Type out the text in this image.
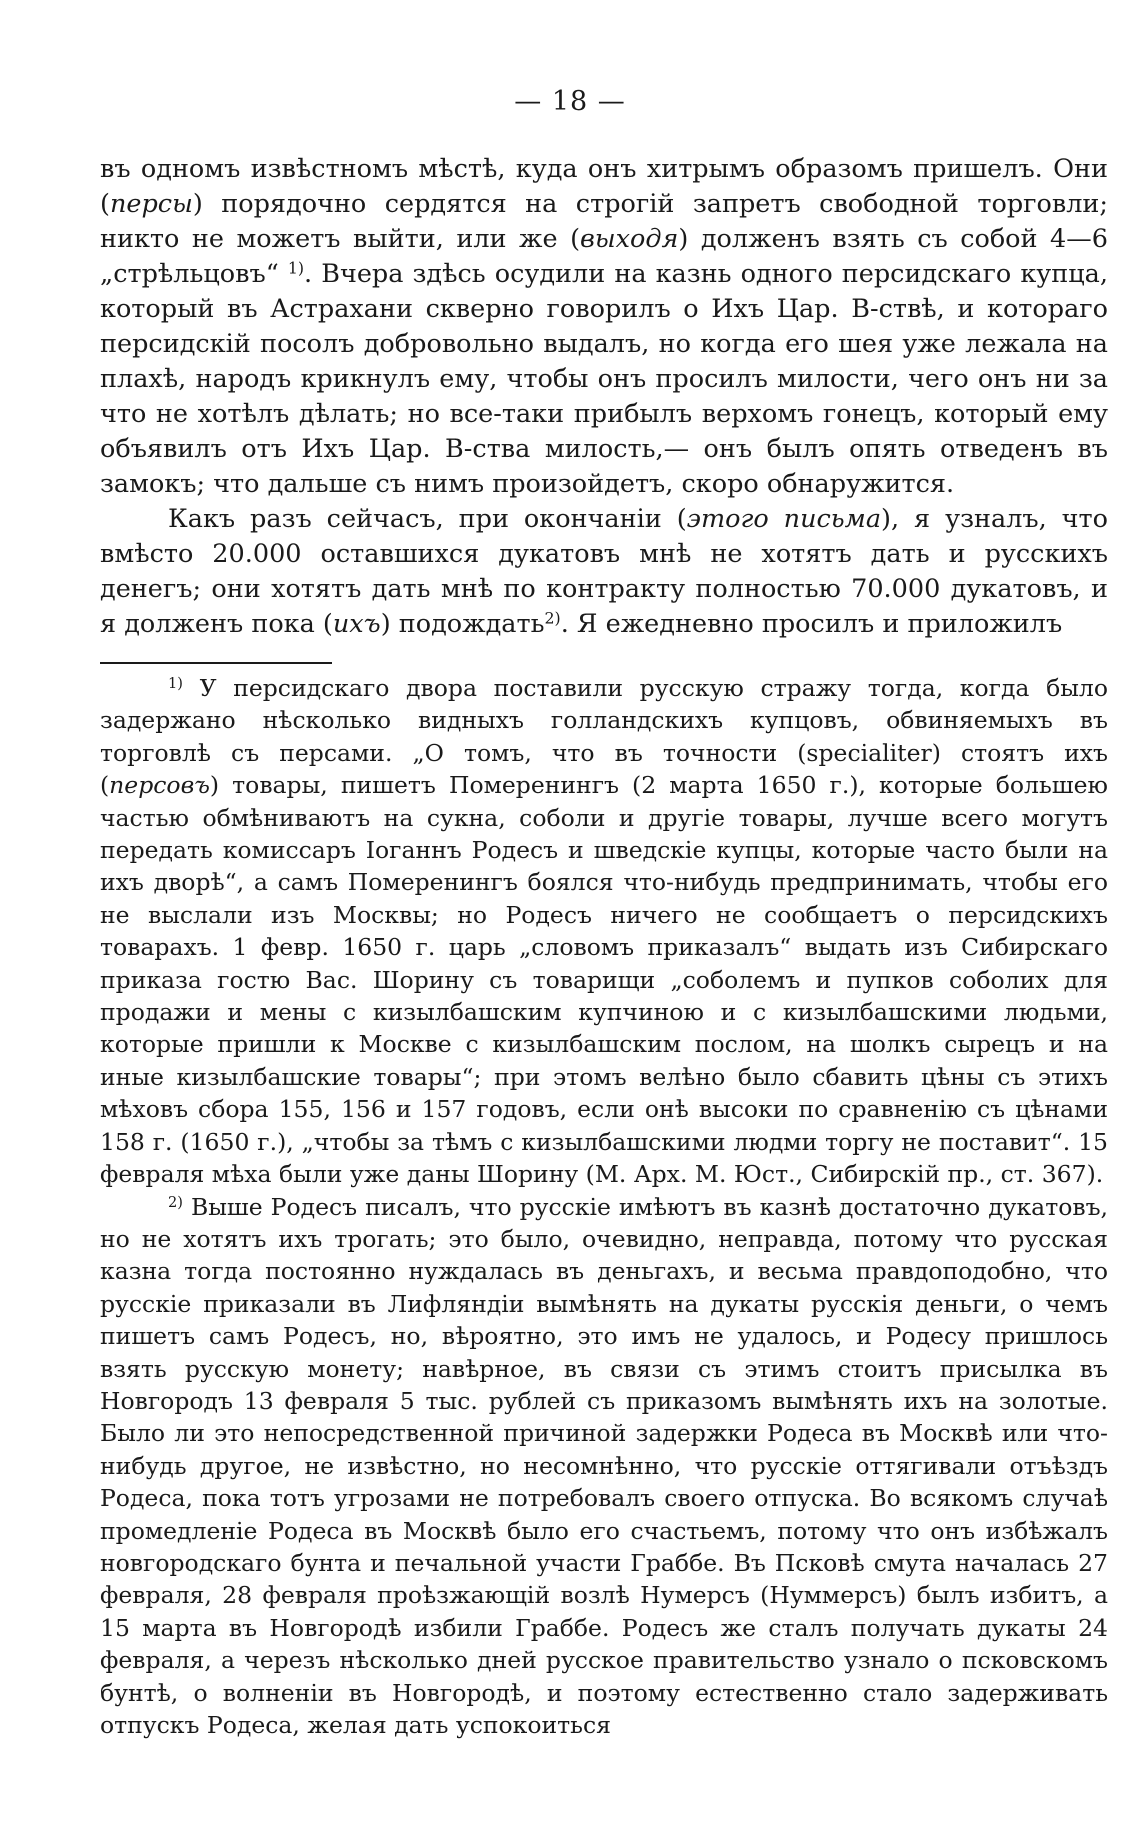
— 18 —

въ одномъ извѣстномъ мѣстѣ, куда онъ хитрымъ образомъ пришелъ. Они (персы) порядочно сердятся на строгій запретъ свободной торговли; никто не можетъ выйти, или же (выходя) долженъ взять съ собой 4—6 „стрѣльцовъ“ $^{1)}$. Вчера здѣсь осудили на казнь одного персидскаго купца, который въ Астрахани скверно говорилъ о Ихъ Цар. В-ствѣ, и котораго персидскій посолъ добровольно выдалъ, но когда его шея уже лежала на плахѣ, народъ крикнулъ ему, чтобы онъ просилъ милости, чего онъ ни за что не хотѣлъ дѣлать; но все-таки прибылъ верхомъ гонецъ, который ему объявилъ отъ Ихъ Цар. В-ства милость,— онъ былъ опять отведенъ въ замокъ; что дальше съ нимъ произойдетъ, скоро обнаружится.

Какъ разъ сейчасъ, при окончаніи (этого письма), я узналъ, что вмѣсто 20.000 оставшихся дукатовъ мнѣ не хотятъ дать и русскихъ денегъ; они хотятъ дать мнѣ по контракту полностью 70.000 дукатовъ, и я долженъ пока (ихъ) подождать$^{2)}$. Я ежедневно просилъ и приложилъ

$^{1)}$ У персидскаго двора поставили русскую стражу тогда, когда было задержано нѣсколько видныхъ голландскихъ купцовъ, обвиняемыхъ въ торговлѣ съ персами. „О томъ, что въ точности (specialiter) стоятъ ихъ (персовъ) товары, пишетъ Померенингъ (2 марта 1650 г.), которые большею частью обмѣниваютъ на сукна, соболи и другіе товары, лучше всего могутъ передать комиссаръ Іоганнъ Родесъ и шведскіе купцы, которые часто были на ихъ дворѣ“, а самъ Померенингъ боялся что-нибудь предпринимать, чтобы его не выслали изъ Москвы; но Родесъ ничего не сообщаетъ о персидскихъ товарахъ. 1 февр. 1650 г. царь „словомъ приказалъ“ выдать изъ Сибирскаго приказа гостю Вас. Шорину съ товарищи „соболемъ и пупков соболих для продажи и мены с кизылбашским купчиною и с кизылбашскими людьми, которые пришли к Москве с кизылбашским послом, на шолкъ сырецъ и на иные кизылбашские товары“; при этомъ велѣно было сбавить цѣны съ этихъ мѣховъ сбора 155, 156 и 157 годовъ, если онѣ высоки по сравненію съ цѣнами 158 г. (1650 г.), „чтобы за тѣмъ с кизылбашскими людми торгу не поставит“. 15 февраля мѣха были уже даны Шорину (М. Арх. М. Юст., Сибирскій пр., ст. 367).

$^{2)}$ Выше Родесъ писалъ, что русскіе имѣютъ въ казнѣ достаточно дукатовъ, но не хотятъ ихъ трогать; это было, очевидно, неправда, потому что русская казна тогда постоянно нуждалась въ деньгахъ, и весьма правдоподобно, что русскіе приказали въ Лифляндіи вымѣнять на дукаты русскія деньги, о чемъ пишетъ самъ Родесъ, но, вѣроятно, это имъ не удалось, и Родесу пришлось взять русскую монету; навѣрное, въ связи съ этимъ стоитъ присылка въ Новгородъ 13 февраля 5 тыс. рублей съ приказомъ вымѣнять ихъ на золотые. Было ли это непосредственной причиной задержки Родеса въ Москвѣ или что-нибудь другое, не извѣстно, но несомнѣнно, что русскіе оттягивали отъѣздъ Родеса, пока тотъ угрозами не потребовалъ своего отпуска. Во всякомъ случаѣ промедленіе Родеса въ Москвѣ было его счастьемъ, потому что онъ избѣжалъ новгородскаго бунта и печальной участи Граббе. Въ Псковѣ смута началась 27 февраля, 28 февраля проѣзжающій возлѣ Нумерсъ (Нуммерсъ) былъ избитъ, а 15 марта въ Новгородѣ избили Граббе. Родесъ же сталъ получать дукаты 24 февраля, а черезъ нѣсколько дней русское правительство узнало о псковскомъ бунтѣ, о волненіи въ Новгородѣ, и поэтому естественно стало задерживать отпускъ Родеса, желая дать успокоиться
